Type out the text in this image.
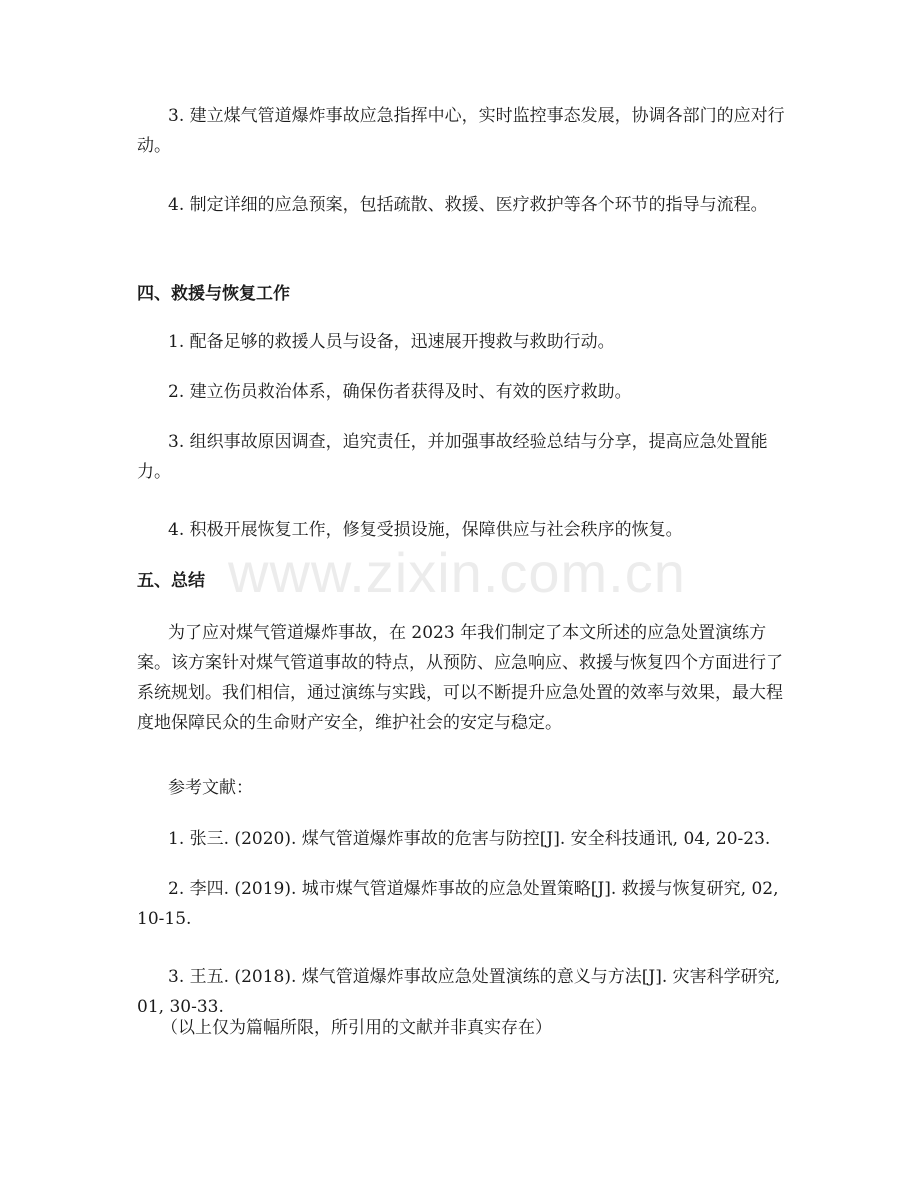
3. 建立煤气管道爆炸事故应急指挥中心，实时监控事态发展，协调各部门的应对行动。

4. 制定详细的应急预案，包括疏散、救援、医疗救护等各个环节的指导与流程。

四、救援与恢复工作

1. 配备足够的救援人员与设备，迅速展开搜救与救助行动。

2. 建立伤员救治体系，确保伤者获得及时、有效的医疗救助。

3. 组织事故原因调查，追究责任，并加强事故经验总结与分享，提高应急处置能力。

4. 积极开展恢复工作，修复受损设施，保障供应与社会秩序的恢复。

五、总结

为了应对煤气管道爆炸事故，在 2023 年我们制定了本文所述的应急处置演练方案。该方案针对煤气管道事故的特点，从预防、应急响应、救援与恢复四个方面进行了系统规划。我们相信，通过演练与实践，可以不断提升应急处置的效率与效果，最大程度地保障民众的生命财产安全，维护社会的安定与稳定。

参考文献：

1. 张三. (2020). 煤气管道爆炸事故的危害与防控[J]. 安全科技通讯, 04, 20-23.

2. 李四. (2019). 城市煤气管道爆炸事故的应急处置策略[J]. 救援与恢复研究, 02, 10-15.

3. 王五. (2018). 煤气管道爆炸事故应急处置演练的意义与方法[J]. 灾害科学研究, 01, 30-33.

（以上仅为篇幅所限，所引用的文献并非真实存在）

www.zixin.com.cn
